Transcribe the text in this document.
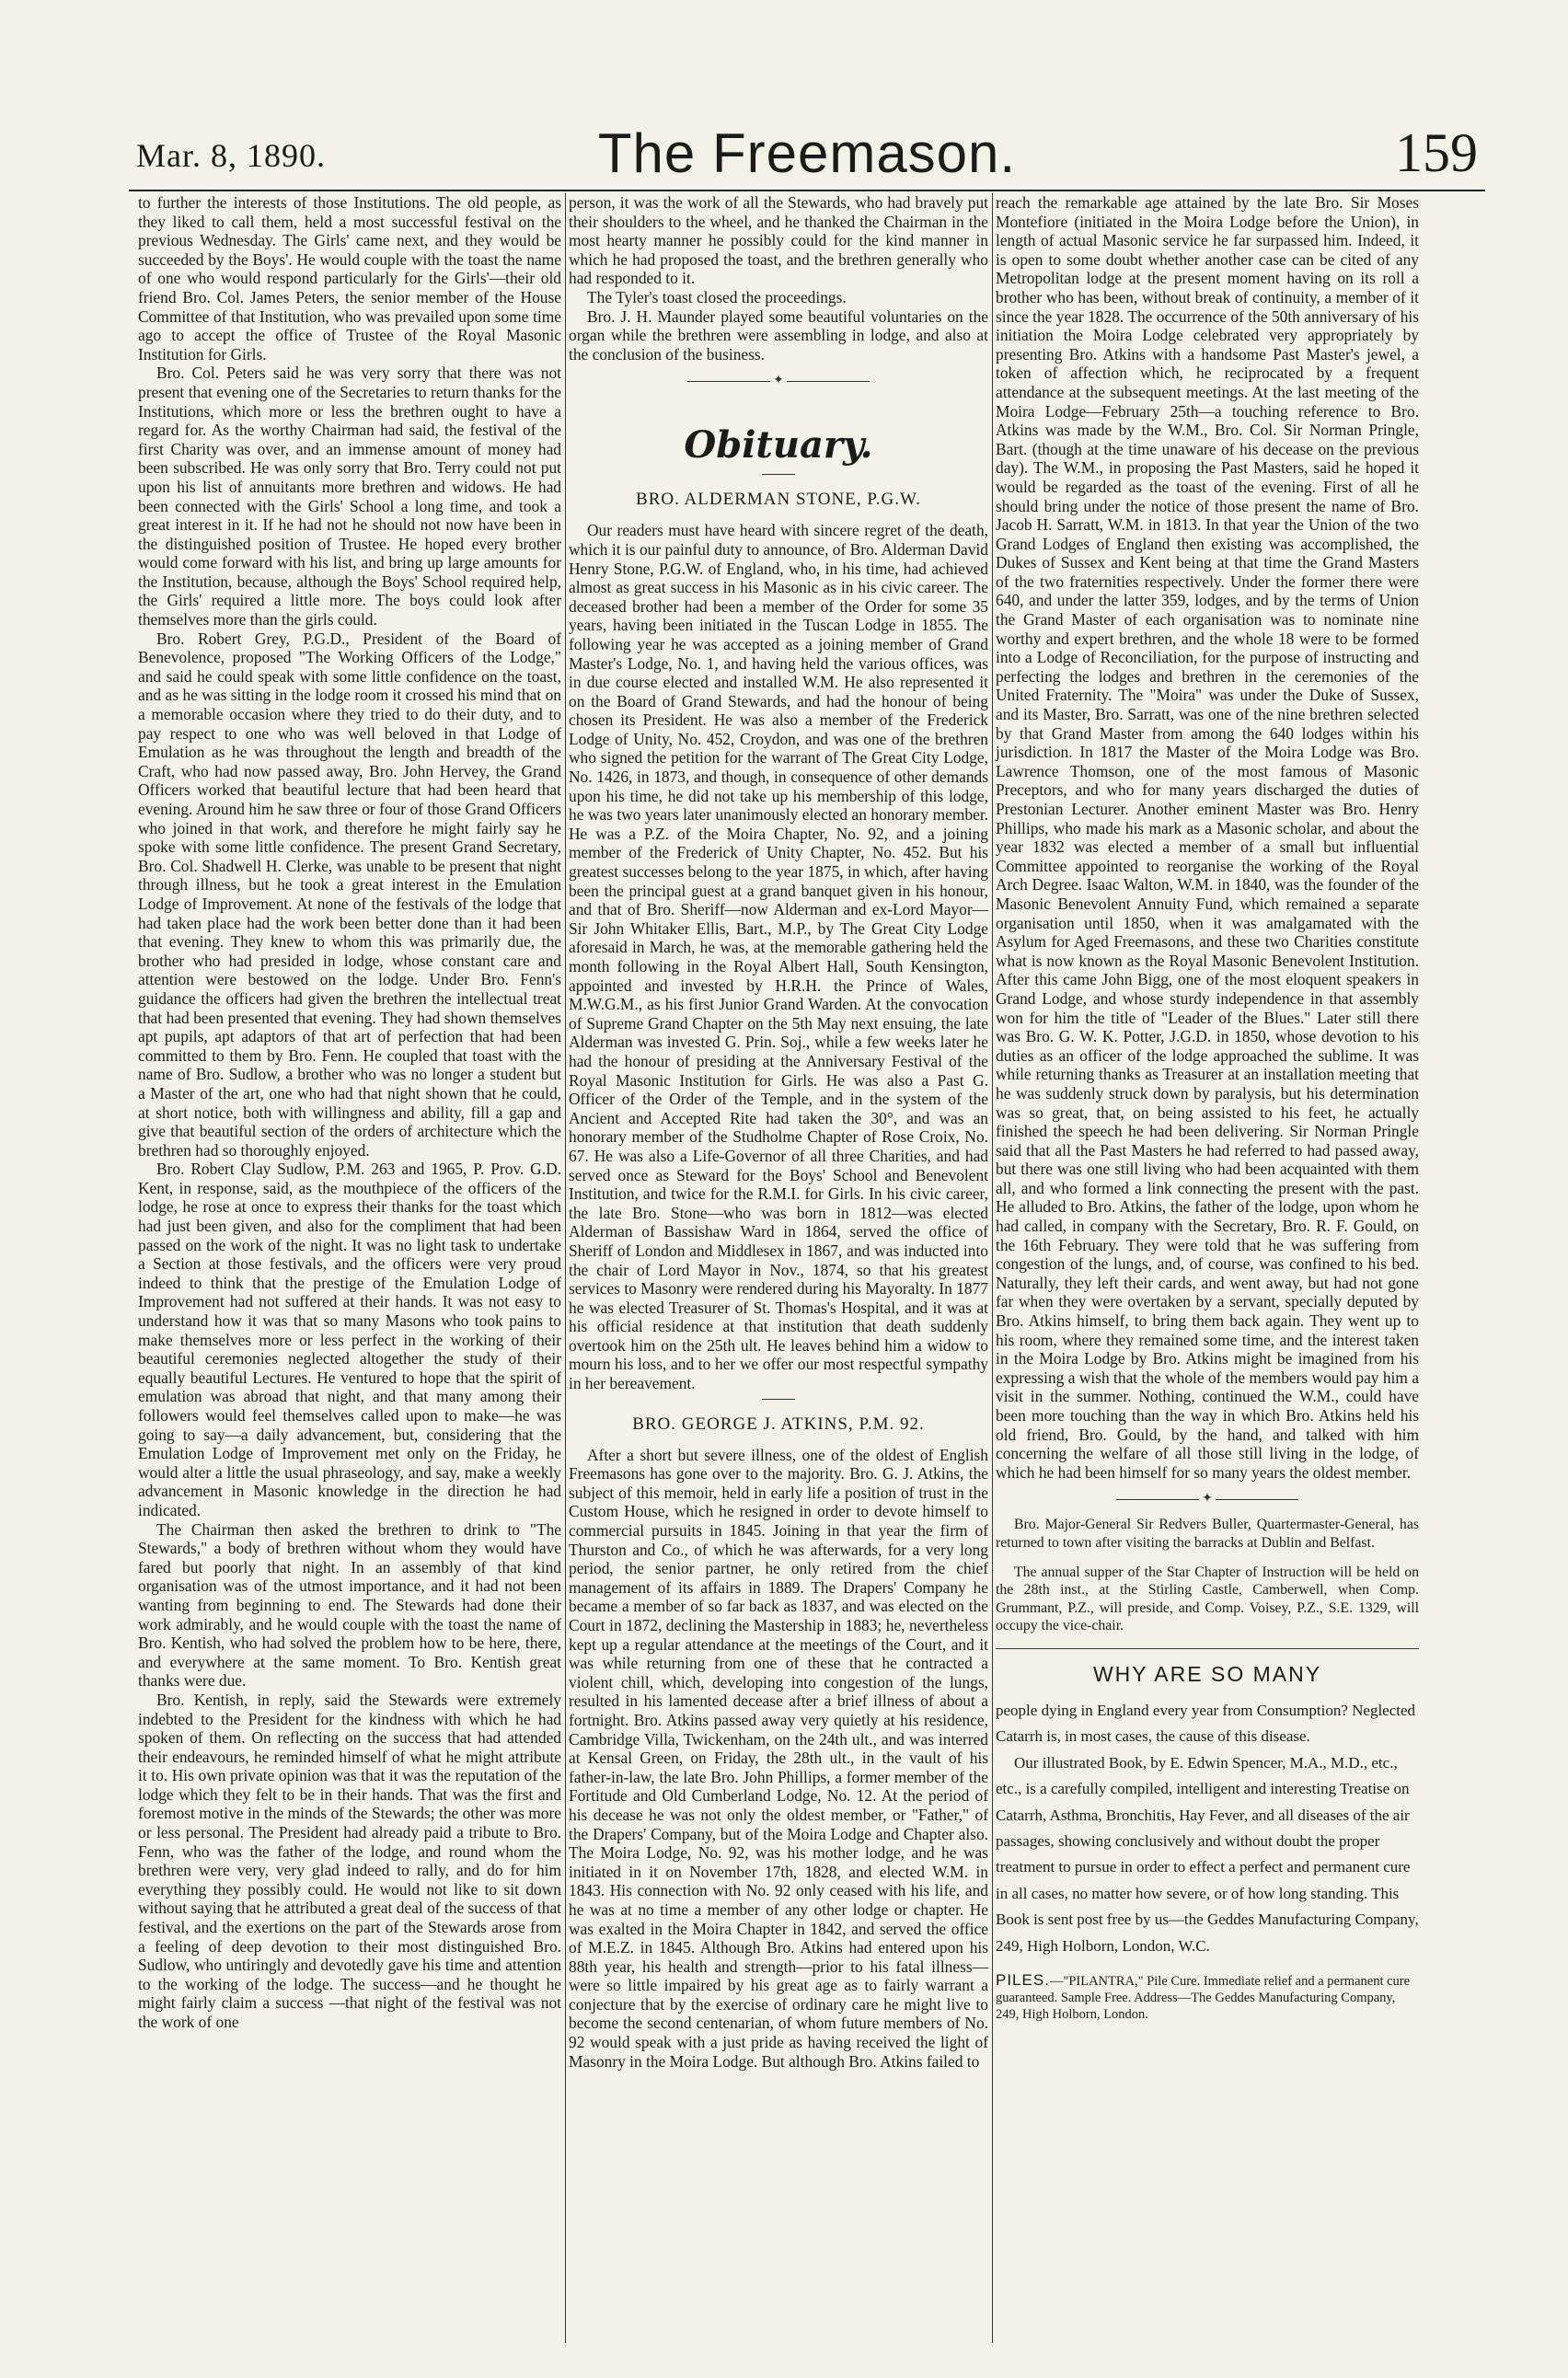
Mar. 8, 1890.	The Freemason.	159

to further the interests of those Institutions. The old people, as they liked to call them, held a most successful festival on the previous Wednesday. The Girls' came next, and they would be succeeded by the Boys'. He would couple with the toast the name of one who would respond particularly for the Girls'—their old friend Bro. Col. James Peters, the senior member of the House Committee of that Institution, who was prevailed upon some time ago to accept the office of Trustee of the Royal Masonic Institution for Girls.

Bro. Col. Peters said he was very sorry that there was not present that evening one of the Secretaries to return thanks for the Institutions, which more or less the brethren ought to have a regard for. As the worthy Chairman had said, the festival of the first Charity was over, and an immense amount of money had been subscribed. He was only sorry that Bro. Terry could not put upon his list of annuitants more brethren and widows. He had been connected with the Girls' School a long time, and took a great interest in it. If he had not he should not now have been in the distinguished position of Trustee. He hoped every brother would come forward with his list, and bring up large amounts for the Institution, because, although the Boys' School required help, the Girls' required a little more. The boys could look after themselves more than the girls could.

Bro. Robert Grey, P.G.D., President of the Board of Benevolence, proposed "The Working Officers of the Lodge," and said he could speak with some little confidence on the toast, and as he was sitting in the lodge room it crossed his mind that on a memorable occasion where they tried to do their duty, and to pay respect to one who was well beloved in that Lodge of Emulation as he was throughout the length and breadth of the Craft, who had now passed away, Bro. John Hervey, the Grand Officers worked that beautiful lecture that had been heard that evening. Around him he saw three or four of those Grand Officers who joined in that work, and therefore he might fairly say he spoke with some little confidence. The present Grand Secretary, Bro. Col. Shadwell H. Clerke, was unable to be present that night through illness, but he took a great interest in the Emulation Lodge of Improvement. At none of the festivals of the lodge that had taken place had the work been better done than it had been that evening. They knew to whom this was primarily due, the brother who had presided in lodge, whose constant care and attention were bestowed on the lodge. Under Bro. Fenn's guidance the officers had given the brethren the intellectual treat that had been presented that evening. They had shown themselves apt pupils, apt adaptors of that art of perfection that had been committed to them by Bro. Fenn. He coupled that toast with the name of Bro. Sudlow, a brother who was no longer a student but a Master of the art, one who had that night shown that he could, at short notice, both with willingness and ability, fill a gap and give that beautiful section of the orders of architecture which the brethren had so thoroughly enjoyed.

Bro. Robert Clay Sudlow, P.M. 263 and 1965, P. Prov. G.D. Kent, in response, said, as the mouthpiece of the officers of the lodge, he rose at once to express their thanks for the toast which had just been given, and also for the compliment that had been passed on the work of the night. It was no light task to undertake a Section at those festivals, and the officers were very proud indeed to think that the prestige of the Emulation Lodge of Improvement had not suffered at their hands. It was not easy to understand how it was that so many Masons who took pains to make themselves more or less perfect in the working of their beautiful ceremonies neglected altogether the study of their equally beautiful Lectures. He ventured to hope that the spirit of emulation was abroad that night, and that many among their followers would feel themselves called upon to make—he was going to say—a daily advancement, but, considering that the Emulation Lodge of Improvement met only on the Friday, he would alter a little the usual phraseology, and say, make a weekly advancement in Masonic knowledge in the direction he had indicated.

The Chairman then asked the brethren to drink to "The Stewards," a body of brethren without whom they would have fared but poorly that night. In an assembly of that kind organisation was of the utmost importance, and it had not been wanting from beginning to end. The Stewards had done their work admirably, and he would couple with the toast the name of Bro. Kentish, who had solved the problem how to be here, there, and everywhere at the same moment. To Bro. Kentish great thanks were due.

Bro. Kentish, in reply, said the Stewards were extremely indebted to the President for the kindness with which he had spoken of them. On reflecting on the success that had attended their endeavours, he reminded himself of what he might attribute it to. His own private opinion was that it was the reputation of the lodge which they felt to be in their hands. That was the first and foremost motive in the minds of the Stewards; the other was more or less personal. The President had already paid a tribute to Bro. Fenn, who was the father of the lodge, and round whom the brethren were very, very glad indeed to rally, and do for him everything they possibly could. He would not like to sit down without saying that he attributed a great deal of the success of that festival, and the exertions on the part of the Stewards arose from a feeling of deep devotion to their most distinguished Bro. Sudlow, who untiringly and devotedly gave his time and attention to the working of the lodge. The success—and he thought he might fairly claim a success —that night of the festival was not the work of one

person, it was the work of all the Stewards, who had bravely put their shoulders to the wheel, and he thanked the Chairman in the most hearty manner he possibly could for the kind manner in which he had proposed the toast, and the brethren generally who had responded to it.

The Tyler's toast closed the proceedings.

Bro. J. H. Maunder played some beautiful voluntaries on the organ while the brethren were assembling in lodge, and also at the conclusion of the business.

✦
Obituary.
BRO. ALDERMAN STONE, P.G.W.

Our readers must have heard with sincere regret of the death, which it is our painful duty to announce, of Bro. Alderman David Henry Stone, P.G.W. of England, who, in his time, had achieved almost as great success in his Masonic as in his civic career. The deceased brother had been a member of the Order for some 35 years, having been initiated in the Tuscan Lodge in 1855. The following year he was accepted as a joining member of Grand Master's Lodge, No. 1, and having held the various offices, was in due course elected and installed W.M. He also represented it on the Board of Grand Stewards, and had the honour of being chosen its President. He was also a member of the Frederick Lodge of Unity, No. 452, Croydon, and was one of the brethren who signed the petition for the warrant of The Great City Lodge, No. 1426, in 1873, and though, in consequence of other demands upon his time, he did not take up his membership of this lodge, he was two years later unanimously elected an honorary member. He was a P.Z. of the Moira Chapter, No. 92, and a joining member of the Frederick of Unity Chapter, No. 452. But his greatest successes belong to the year 1875, in which, after having been the principal guest at a grand banquet given in his honour, and that of Bro. Sheriff—now Alderman and ex-Lord Mayor—Sir John Whitaker Ellis, Bart., M.P., by The Great City Lodge aforesaid in March, he was, at the memorable gathering held the month following in the Royal Albert Hall, South Kensington, appointed and invested by H.R.H. the Prince of Wales, M.W.G.M., as his first Junior Grand Warden. At the convocation of Supreme Grand Chapter on the 5th May next ensuing, the late Alderman was invested G. Prin. Soj., while a few weeks later he had the honour of presiding at the Anniversary Festival of the Royal Masonic Institution for Girls. He was also a Past G. Officer of the Order of the Temple, and in the system of the Ancient and Accepted Rite had taken the 30°, and was an honorary member of the Studholme Chapter of Rose Croix, No. 67. He was also a Life-Governor of all three Charities, and had served once as Steward for the Boys' School and Benevolent Institution, and twice for the R.M.I. for Girls. In his civic career, the late Bro. Stone—who was born in 1812—was elected Alderman of Bassishaw Ward in 1864, served the office of Sheriff of London and Middlesex in 1867, and was inducted into the chair of Lord Mayor in Nov., 1874, so that his greatest services to Masonry were rendered during his Mayoralty. In 1877 he was elected Treasurer of St. Thomas's Hospital, and it was at his official residence at that institution that death suddenly overtook him on the 25th ult. He leaves behind him a widow to mourn his loss, and to her we offer our most respectful sympathy in her bereavement.

BRO. GEORGE J. ATKINS, P.M. 92.

After a short but severe illness, one of the oldest of English Freemasons has gone over to the majority. Bro. G. J. Atkins, the subject of this memoir, held in early life a position of trust in the Custom House, which he resigned in order to devote himself to commercial pursuits in 1845. Joining in that year the firm of Thurston and Co., of which he was afterwards, for a very long period, the senior partner, he only retired from the chief management of its affairs in 1889. The Drapers' Company he became a member of so far back as 1837, and was elected on the Court in 1872, declining the Mastership in 1883; he, nevertheless kept up a regular attendance at the meetings of the Court, and it was while returning from one of these that he contracted a violent chill, which, developing into congestion of the lungs, resulted in his lamented decease after a brief illness of about a fortnight. Bro. Atkins passed away very quietly at his residence, Cambridge Villa, Twickenham, on the 24th ult., and was interred at Kensal Green, on Friday, the 28th ult., in the vault of his father-in-law, the late Bro. John Phillips, a former member of the Fortitude and Old Cumberland Lodge, No. 12. At the period of his decease he was not only the oldest member, or "Father," of the Drapers' Company, but of the Moira Lodge and Chapter also. The Moira Lodge, No. 92, was his mother lodge, and he was initiated in it on November 17th, 1828, and elected W.M. in 1843. His connection with No. 92 only ceased with his life, and he was at no time a member of any other lodge or chapter. He was exalted in the Moira Chapter in 1842, and served the office of M.E.Z. in 1845. Although Bro. Atkins had entered upon his 88th year, his health and strength—prior to his fatal illness—were so little impaired by his great age as to fairly warrant a conjecture that by the exercise of ordinary care he might live to become the second centenarian, of whom future members of No. 92 would speak with a just pride as having received the light of Masonry in the Moira Lodge. But although Bro. Atkins failed to

reach the remarkable age attained by the late Bro. Sir Moses Montefiore (initiated in the Moira Lodge before the Union), in length of actual Masonic service he far surpassed him. Indeed, it is open to some doubt whether another case can be cited of any Metropolitan lodge at the present moment having on its roll a brother who has been, without break of continuity, a member of it since the year 1828. The occurrence of the 50th anniversary of his initiation the Moira Lodge celebrated very appropriately by presenting Bro. Atkins with a handsome Past Master's jewel, a token of affection which, he reciprocated by a frequent attendance at the subsequent meetings. At the last meeting of the Moira Lodge—February 25th—a touching reference to Bro. Atkins was made by the W.M., Bro. Col. Sir Norman Pringle, Bart. (though at the time unaware of his decease on the previous day). The W.M., in proposing the Past Masters, said he hoped it would be regarded as the toast of the evening. First of all he should bring under the notice of those present the name of Bro. Jacob H. Sarratt, W.M. in 1813. In that year the Union of the two Grand Lodges of England then existing was accomplished, the Dukes of Sussex and Kent being at that time the Grand Masters of the two fraternities respectively. Under the former there were 640, and under the latter 359, lodges, and by the terms of Union the Grand Master of each organisation was to nominate nine worthy and expert brethren, and the whole 18 were to be formed into a Lodge of Reconciliation, for the purpose of instructing and perfecting the lodges and brethren in the ceremonies of the United Fraternity. The "Moira" was under the Duke of Sussex, and its Master, Bro. Sarratt, was one of the nine brethren selected by that Grand Master from among the 640 lodges within his jurisdiction. In 1817 the Master of the Moira Lodge was Bro. Lawrence Thomson, one of the most famous of Masonic Preceptors, and who for many years discharged the duties of Prestonian Lecturer. Another eminent Master was Bro. Henry Phillips, who made his mark as a Masonic scholar, and about the year 1832 was elected a member of a small but influential Committee appointed to reorganise the working of the Royal Arch Degree. Isaac Walton, W.M. in 1840, was the founder of the Masonic Benevolent Annuity Fund, which remained a separate organisation until 1850, when it was amalgamated with the Asylum for Aged Freemasons, and these two Charities constitute what is now known as the Royal Masonic Benevolent Institution. After this came John Bigg, one of the most eloquent speakers in Grand Lodge, and whose sturdy independence in that assembly won for him the title of "Leader of the Blues." Later still there was Bro. G. W. K. Potter, J.G.D. in 1850, whose devotion to his duties as an officer of the lodge approached the sublime. It was while returning thanks as Treasurer at an installation meeting that he was suddenly struck down by paralysis, but his determination was so great, that, on being assisted to his feet, he actually finished the speech he had been delivering. Sir Norman Pringle said that all the Past Masters he had referred to had passed away, but there was one still living who had been acquainted with them all, and who formed a link connecting the present with the past. He alluded to Bro. Atkins, the father of the lodge, upon whom he had called, in company with the Secretary, Bro. R. F. Gould, on the 16th February. They were told that he was suffering from congestion of the lungs, and, of course, was confined to his bed. Naturally, they left their cards, and went away, but had not gone far when they were overtaken by a servant, specially deputed by Bro. Atkins himself, to bring them back again. They went up to his room, where they remained some time, and the interest taken in the Moira Lodge by Bro. Atkins might be imagined from his expressing a wish that the whole of the members would pay him a visit in the summer. Nothing, continued the W.M., could have been more touching than the way in which Bro. Atkins held his old friend, Bro. Gould, by the hand, and talked with him concerning the welfare of all those still living in the lodge, of which he had been himself for so many years the oldest member.

✦

Bro. Major-General Sir Redvers Buller, Quartermaster-General, has returned to town after visiting the barracks at Dublin and Belfast.

The annual supper of the Star Chapter of Instruction will be held on the 28th inst., at the Stirling Castle, Camberwell, when Comp. Grummant, P.Z., will preside, and Comp. Voisey, P.Z., S.E. 1329, will occupy the vice-chair.

WHY ARE SO MANY

people dying in England every year from Consumption? Neglected Catarrh is, in most cases, the cause of this disease.

Our illustrated Book, by E. Edwin Spencer, M.A., M.D., etc., etc., is a carefully compiled, intelligent and interesting Treatise on Catarrh, Asthma, Bronchitis, Hay Fever, and all diseases of the air passages, showing conclusively and without doubt the proper treatment to pursue in order to effect a perfect and permanent cure in all cases, no matter how severe, or of how long standing. This Book is sent post free by us—the Geddes Manufacturing Company, 249, High Holborn, London, W.C.

PILES.—"PILANTRA," Pile Cure. Immediate relief and a permanent cure guaranteed. Sample Free. Address—The Geddes Manufacturing Company, 249, High Holborn, London.
